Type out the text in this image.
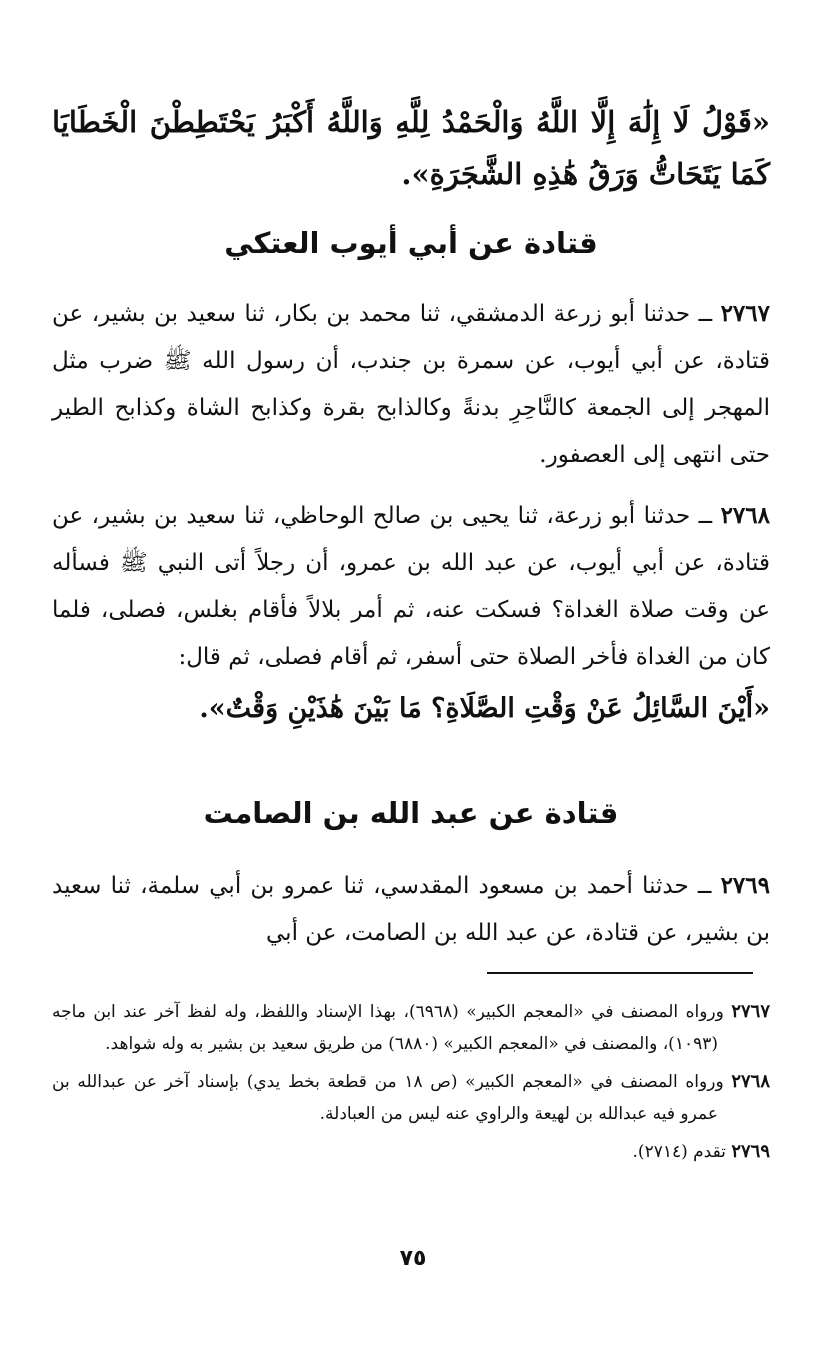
«قَوْلُ لَا إِلَٰهَ إِلَّا اللَّهُ وَالْحَمْدُ لِلَّهِ وَاللَّهُ أَكْبَرُ يَحْتَطِطْنَ الْخَطَايَا كَمَا يَتَحَاتُّ وَرَقُ هَٰذِهِ الشَّجَرَةِ».
قتادة عن أبي أيوب العتكي
٢٧٦٧ ــ حدثنا أبو زرعة الدمشقي، ثنا محمد بن بكار، ثنا سعيد بن بشير، عن قتادة، عن أبي أيوب، عن سمرة بن جندب، أن رسول الله ﷺ ضرب مثل المهجر إلى الجمعة كالنَّاحِرِ بدنةً وكالذابح بقرة وكذابح الشاة وكذابح الطير حتى انتهى إلى العصفور.
٢٧٦٨ ــ حدثنا أبو زرعة، ثنا يحيى بن صالح الوحاظي، ثنا سعيد بن بشير، عن قتادة، عن أبي أيوب، عن عبد الله بن عمرو، أن رجلاً أتى النبي ﷺ فسأله عن وقت صلاة الغداة؟ فسكت عنه، ثم أمر بلالاً فأقام بغلس، فصلى، فلما كان من الغداة فأخر الصلاة حتى أسفر، ثم أقام فصلى، ثم قال:
«أَيْنَ السَّائِلُ عَنْ وَقْتِ الصَّلَاةِ؟ مَا بَيْنَ هَٰذَيْنِ وَقْتٌ».
قتادة عن عبد الله بن الصامت
٢٧٦٩ ــ حدثنا أحمد بن مسعود المقدسي، ثنا عمرو بن أبي سلمة، ثنا سعيد بن بشير، عن قتادة، عن عبد الله بن الصامت، عن أبي

٢٧٦٧ ورواه المصنف في «المعجم الكبير» (٦٩٦٨)، بهذا الإسناد واللفظ، وله لفظ آخر عند ابن ماجه (١٠٩٣)، والمصنف في «المعجم الكبير» (٦٨٨٠) من طريق سعيد بن بشير به وله شواهد.

٢٧٦٨ ورواه المصنف في «المعجم الكبير» (ص ١٨ من قطعة بخط يدي) بإسناد آخر عن عبدالله بن عمرو فيه عبدالله بن لهيعة والراوي عنه ليس من العبادلة.

٢٧٦٩ تقدم (٢٧١٤).

٧٥
